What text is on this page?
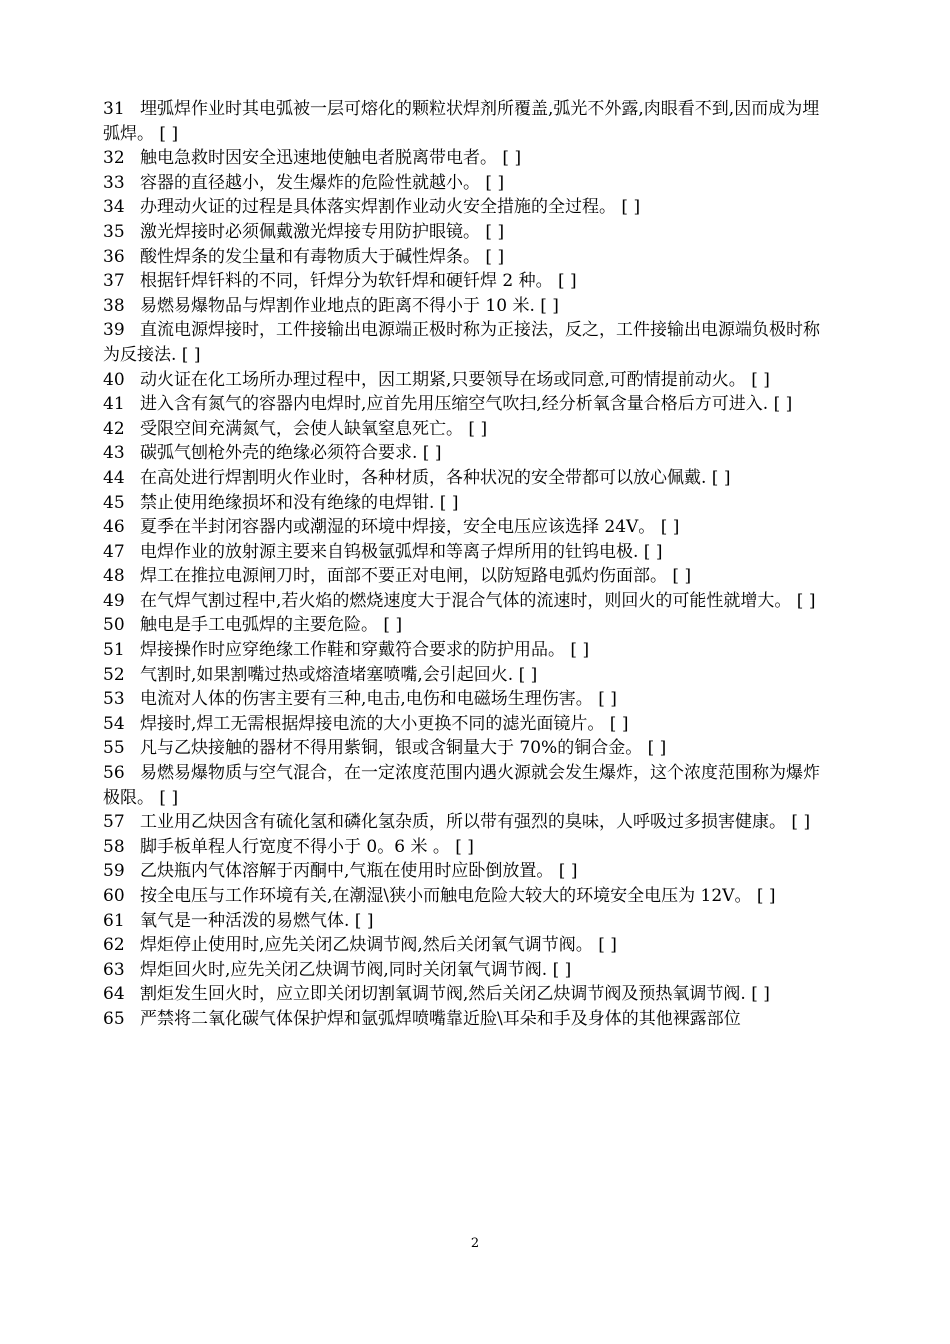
31 埋弧焊作业时其电弧被一层可熔化的颗粒状焊剂所覆盖,弧光不外露,肉眼看不到,因而成为埋弧焊。 [ ]
32 触电急救时因安全迅速地使触电者脱离带电者。 [ ]
33 容器的直径越小，发生爆炸的危险性就越小。 [ ]
34 办理动火证的过程是具体落实焊割作业动火安全措施的全过程。 [ ]
35 激光焊接时必须佩戴激光焊接专用防护眼镜。 [ ]
36 酸性焊条的发尘量和有毒物质大于碱性焊条。 [ ]
37 根据钎焊钎料的不同，钎焊分为软钎焊和硬钎焊 2 种。 [ ]
38 易燃易爆物品与焊割作业地点的距离不得小于 10 米. [ ]
39 直流电源焊接时，工件接输出电源端正极时称为正接法，反之，工件接输出电源端负极时称为反接法. [ ]
40 动火证在化工场所办理过程中，因工期紧,只要领导在场或同意,可酌情提前动火。 [ ]
41 进入含有氮气的容器内电焊时,应首先用压缩空气吹扫,经分析氧含量合格后方可进入. [ ]
42 受限空间充满氮气，会使人缺氧窒息死亡。 [ ]
43 碳弧气刨枪外壳的绝缘必须符合要求. [ ]
44 在高处进行焊割明火作业时，各种材质，各种状况的安全带都可以放心佩戴. [ ]
45 禁止使用绝缘损坏和没有绝缘的电焊钳. [ ]
46 夏季在半封闭容器内或潮湿的环境中焊接，安全电压应该选择 24V。 [ ]
47 电焊作业的放射源主要来自钨极氩弧焊和等离子焊所用的钍钨电极. [ ]
48 焊工在推拉电源闸刀时，面部不要正对电闸，以防短路电弧灼伤面部。 [ ]
49 在气焊气割过程中,若火焰的燃烧速度大于混合气体的流速时，则回火的可能性就增大。 [ ]
50 触电是手工电弧焊的主要危险。 [ ]
51 焊接操作时应穿绝缘工作鞋和穿戴符合要求的防护用品。 [ ]
52 气割时,如果割嘴过热或熔渣堵塞喷嘴,会引起回火. [ ]
53 电流对人体的伤害主要有三种,电击,电伤和电磁场生理伤害。 [ ]
54 焊接时,焊工无需根据焊接电流的大小更换不同的滤光面镜片。 [ ]
55 凡与乙炔接触的器材不得用紫铜，银或含铜量大于 70%的铜合金。 [ ]
56 易燃易爆物质与空气混合，在一定浓度范围内遇火源就会发生爆炸，这个浓度范围称为爆炸极限。 [ ]
57 工业用乙炔因含有硫化氢和磷化氢杂质，所以带有强烈的臭味，人呼吸过多损害健康。 [ ]
58 脚手板单程人行宽度不得小于 0。6 米 。 [ ]
59 乙炔瓶内气体溶解于丙酮中,气瓶在使用时应卧倒放置。 [ ]
60 按全电压与工作环境有关,在潮湿\狭小而触电危险大较大的环境安全电压为 12V。 [ ]
61 氧气是一种活泼的易燃气体. [ ]
62 焊炬停止使用时,应先关闭乙炔调节阀,然后关闭氧气调节阀。 [ ]
63 焊炬回火时,应先关闭乙炔调节阀,同时关闭氧气调节阀. [ ]
64 割炬发生回火时，应立即关闭切割氧调节阀,然后关闭乙炔调节阀及预热氧调节阀. [ ]
65 严禁将二氧化碳气体保护焊和氩弧焊喷嘴靠近脸\耳朵和手及身体的其他裸露部位
2
